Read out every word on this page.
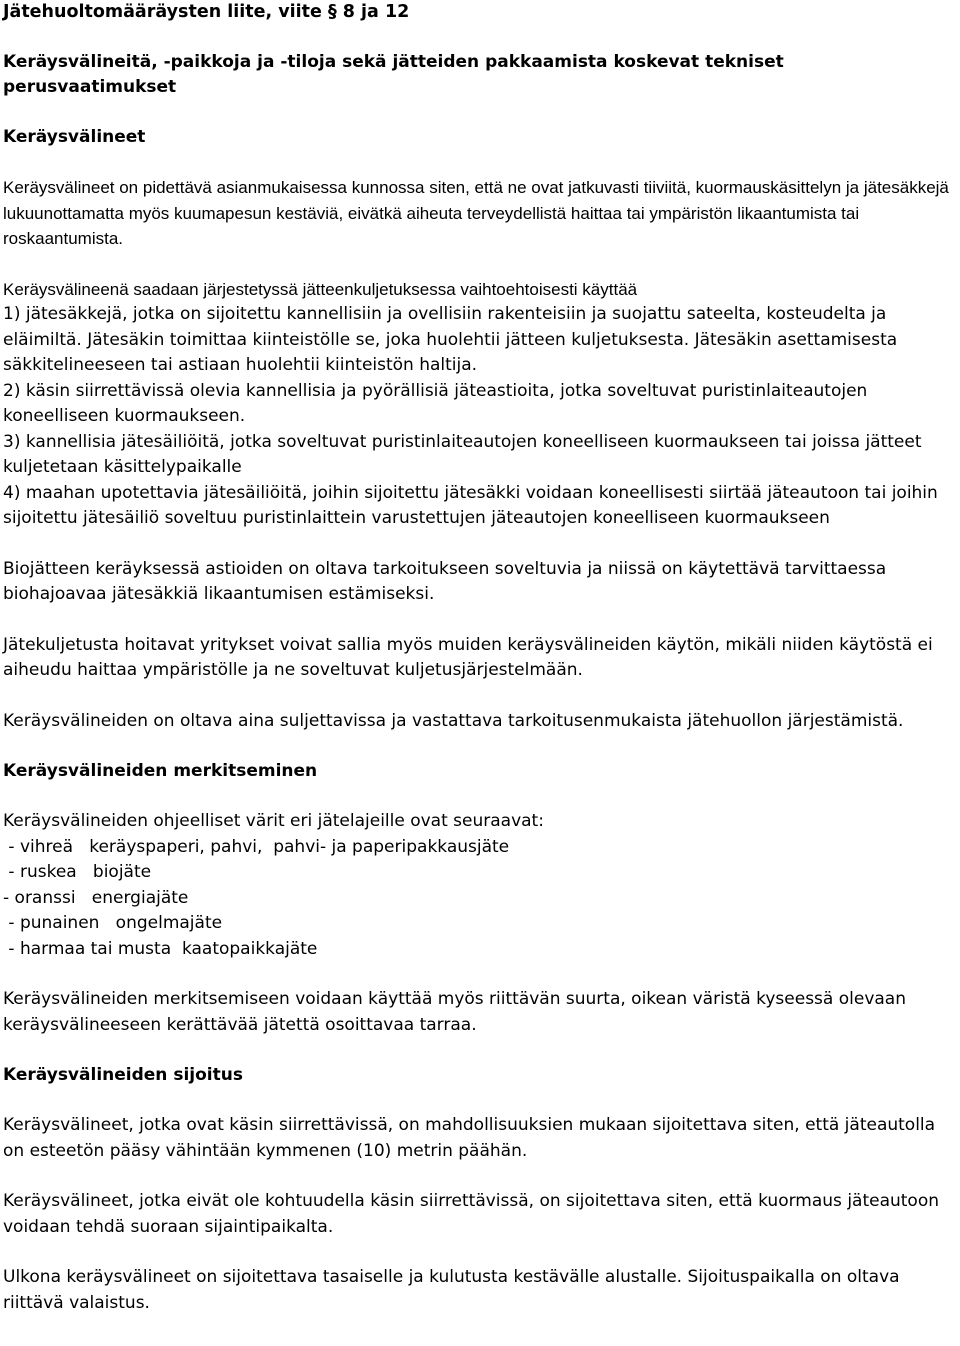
Jätehuoltomääräysten liite, viite § 8 ja 12
Keräysvälineitä, -paikkoja ja -tiloja sekä jätteiden pakkaamista koskevat tekniset perusvaatimukset
Keräysvälineet

Keräysvälineet on pidettävä asianmukaisessa kunnossa siten, että ne ovat jatkuvasti tiiviitä, kuormauskäsittelyn ja jätesäkkejä lukuunottamatta myös kuumapesun kestäviä, eivätkä aiheuta terveydellistä haittaa tai ympäristön likaantumista tai roskaantumista.

Keräysvälineenä saadaan järjestetyssä jätteenkuljetuksessa vaihtoehtoisesti käyttää
1) jätesäkkejä, jotka on sijoitettu kannellisiin ja ovellisiin rakenteisiin ja suojattu sateelta, kosteudelta ja eläimiltä. Jätesäkin toimittaa kiinteistölle se, joka huolehtii jätteen kuljetuksesta. Jätesäkin asettamisesta säkkitelineeseen tai astiaan huolehtii kiinteistön haltija.
2) käsin siirrettävissä olevia kannellisia ja pyörällisiä jäteastioita, jotka soveltuvat puristinlaiteautojen koneelliseen kuormaukseen.
3) kannellisia jätesäiliöitä, jotka soveltuvat puristinlaiteautojen koneelliseen kuormaukseen tai joissa jätteet kuljetetaan käsittelypaikalle
4) maahan upotettavia jätesäiliöitä, joihin sijoitettu jätesäkki voidaan koneellisesti siirtää jäteautoon tai joihin sijoitettu jätesäiliö soveltuu puristinlaittein varustettujen jäteautojen koneelliseen kuormaukseen

Biojätteen keräyksessä astioiden on oltava tarkoitukseen soveltuvia ja niissä on käytettävä tarvittaessa biohajoavaa jätesäkkiä likaantumisen estämiseksi.

Jätekuljetusta hoitavat yritykset voivat sallia myös muiden keräysvälineiden käytön, mikäli niiden käytöstä ei aiheudu haittaa ympäristölle ja ne soveltuvat kuljetusjärjestelmään.

Keräysvälineiden on oltava aina suljettavissa ja vastattava tarkoitusenmukaista jätehuollon järjestämistä.

Keräysvälineiden merkitseminen
Keräysvälineiden ohjeelliset värit eri jätelajeille ovat seuraavat:
- vihreä keräyspaperi, pahvi,  pahvi- ja paperipakkausjäte
- ruskea biojäte
- oranssi energiajäte
- punainen ongelmajäte
- harmaa tai musta kaatopaikkajäte

Keräysvälineiden merkitsemiseen voidaan käyttää myös riittävän suurta, oikean väristä kyseessä olevaan keräysvälineeseen kerättävää jätettä osoittavaa tarraa.

Keräysvälineiden sijoitus

Keräysvälineet, jotka ovat käsin siirrettävissä, on mahdollisuuksien mukaan sijoitettava siten, että jäteautolla on esteetön pääsy vähintään kymmenen (10) metrin päähän.

Keräysvälineet, jotka eivät ole kohtuudella käsin siirrettävissä, on sijoitettava siten, että kuormaus jäteautoon voidaan tehdä suoraan sijaintipaikalta.

Ulkona keräysvälineet on sijoitettava tasaiselle ja kulutusta kestävälle alustalle. Sijoituspaikalla on oltava riittävä valaistus.
